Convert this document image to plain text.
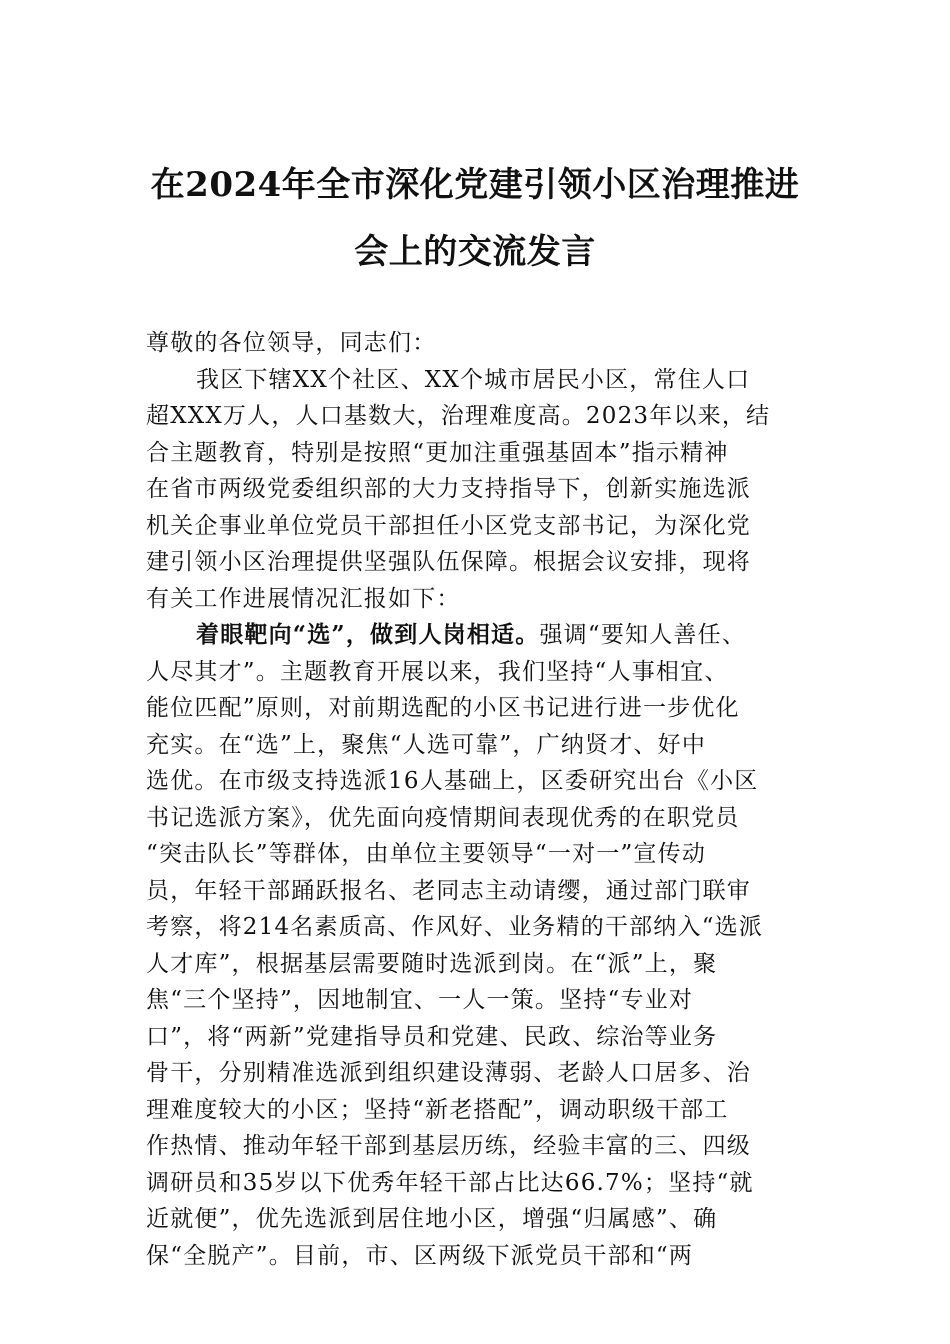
在2024年全市深化党建引领小区治理推进
会上的交流发言
尊敬的各位领导，同志们：
我区下辖XX个社区、XX个城市居民小区，常住人口
超XXX万人，人口基数大，治理难度高。2023年以来，结
合主题教育，特别是按照“更加注重强基固本”指示精神
在省市两级党委组织部的大力支持指导下，创新实施选派
机关企事业单位党员干部担任小区党支部书记，为深化党
建引领小区治理提供坚强队伍保障。根据会议安排，现将
有关工作进展情况汇报如下：
着眼靶向“选”，做到人岗相适。强调“要知人善任、
人尽其才”。主题教育开展以来，我们坚持“人事相宜、
能位匹配”原则，对前期选配的小区书记进行进一步优化
充实。在“选”上，聚焦“人选可靠”，广纳贤才、好中
选优。在市级支持选派16人基础上，区委研究出台《小区
书记选派方案》，优先面向疫情期间表现优秀的在职党员
“突击队长”等群体，由单位主要领导“一对一”宣传动
员，年轻干部踊跃报名、老同志主动请缨，通过部门联审
考察，将214名素质高、作风好、业务精的干部纳入“选派
人才库”，根据基层需要随时选派到岗。在“派”上，聚
焦“三个坚持”，因地制宜、一人一策。坚持“专业对
口”，将“两新”党建指导员和党建、民政、综治等业务
骨干，分别精准选派到组织建设薄弱、老龄人口居多、治
理难度较大的小区；坚持“新老搭配”，调动职级干部工
作热情、推动年轻干部到基层历练，经验丰富的三、四级
调研员和35岁以下优秀年轻干部占比达66.7%；坚持“就
近就便”，优先选派到居住地小区，增强“归属感”、确
保“全脱产”。目前，市、区两级下派党员干部和“两
